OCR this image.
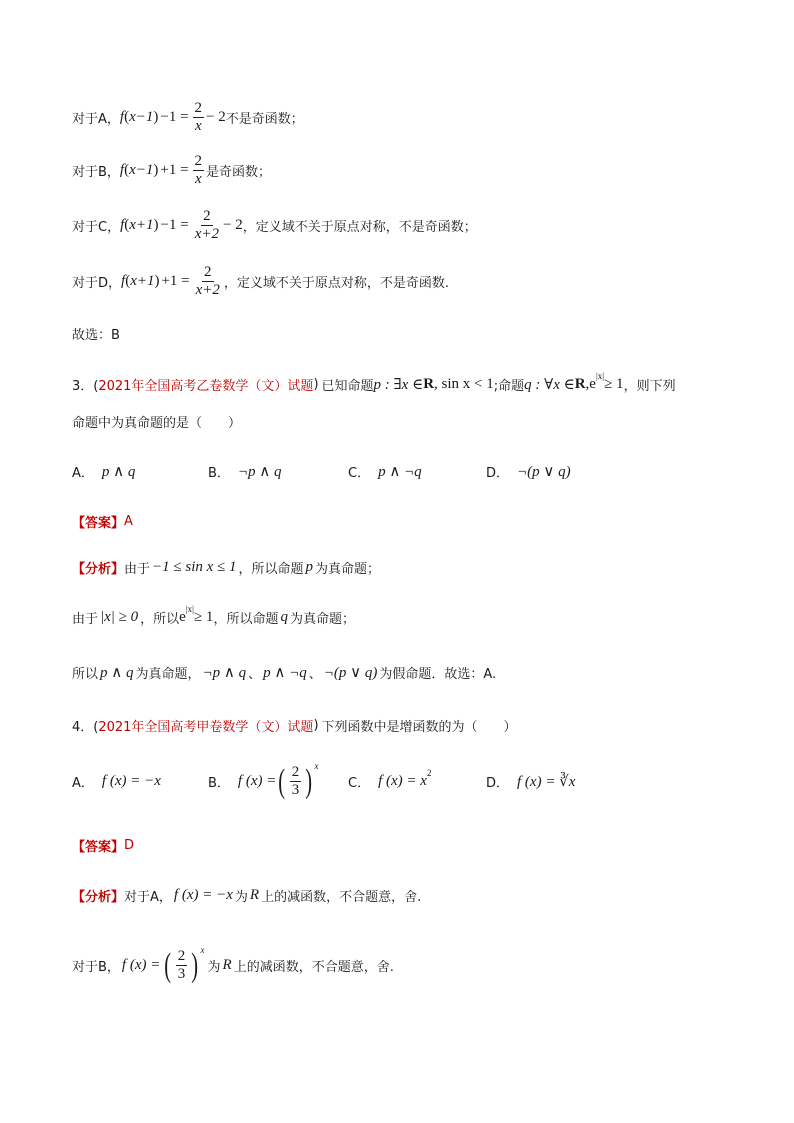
对于A， f ( x−1 ) $-1 = \frac{2}{x} - 2$ 不是奇函数；
对于B， f ( x−1 ) $+1 = \frac{2}{x}$ 是奇函数；
对于C， f ( x+1 ) $-1 = \frac{2}{x+2} - 2$ ，定义域不关于原点对称，不是奇函数；
对于D， f ( x+1 ) $+1 = \frac{2}{x+2}$ ，定义域不关于原点对称，不是奇函数.
故选：B
3．( 2021年全国高考乙卷数学（文）试题 ) 已知命题 p : ∃x ∈ R , sin x < 1 ;命题 q : ∀x ∈ R ,e
|x|
≥ 1 ，则下列
命题中为真命题的是（　　）
A． p ∧ q	B． ¬p ∧ q	C． p ∧ ¬q	D． ¬(p ∨ q)
【答案】 A
【分析】 由于 −1 ≤ sin x ≤ 1 ，所以命题 p 为真命题；
由于 |x| ≥ 0 ，所以 e
|x|
≥ 1 ，所以命题 q 为真命题；
所以 p ∧ q 为真命题， ¬p ∧ q 、 p ∧ ¬q 、 ¬(p ∨ q) 为假命题．故选：A.
4．( 2021年全国高考甲卷数学（文）试题 ) 下列函数中是增函数的为（　　）
A． f (x) = −x	B． f (x) = ( $\frac{2}{3}$ ) x
C． f (x) = x
2
D． f (x) = ∛x
【答案】 D
【分析】 对于A， f (x) = −x 为 R 上的减函数，不合题意，舍.
对于B， f (x) = ( $\frac{2}{3}$ ) x
为 R 上的减函数，不合题意，舍.
